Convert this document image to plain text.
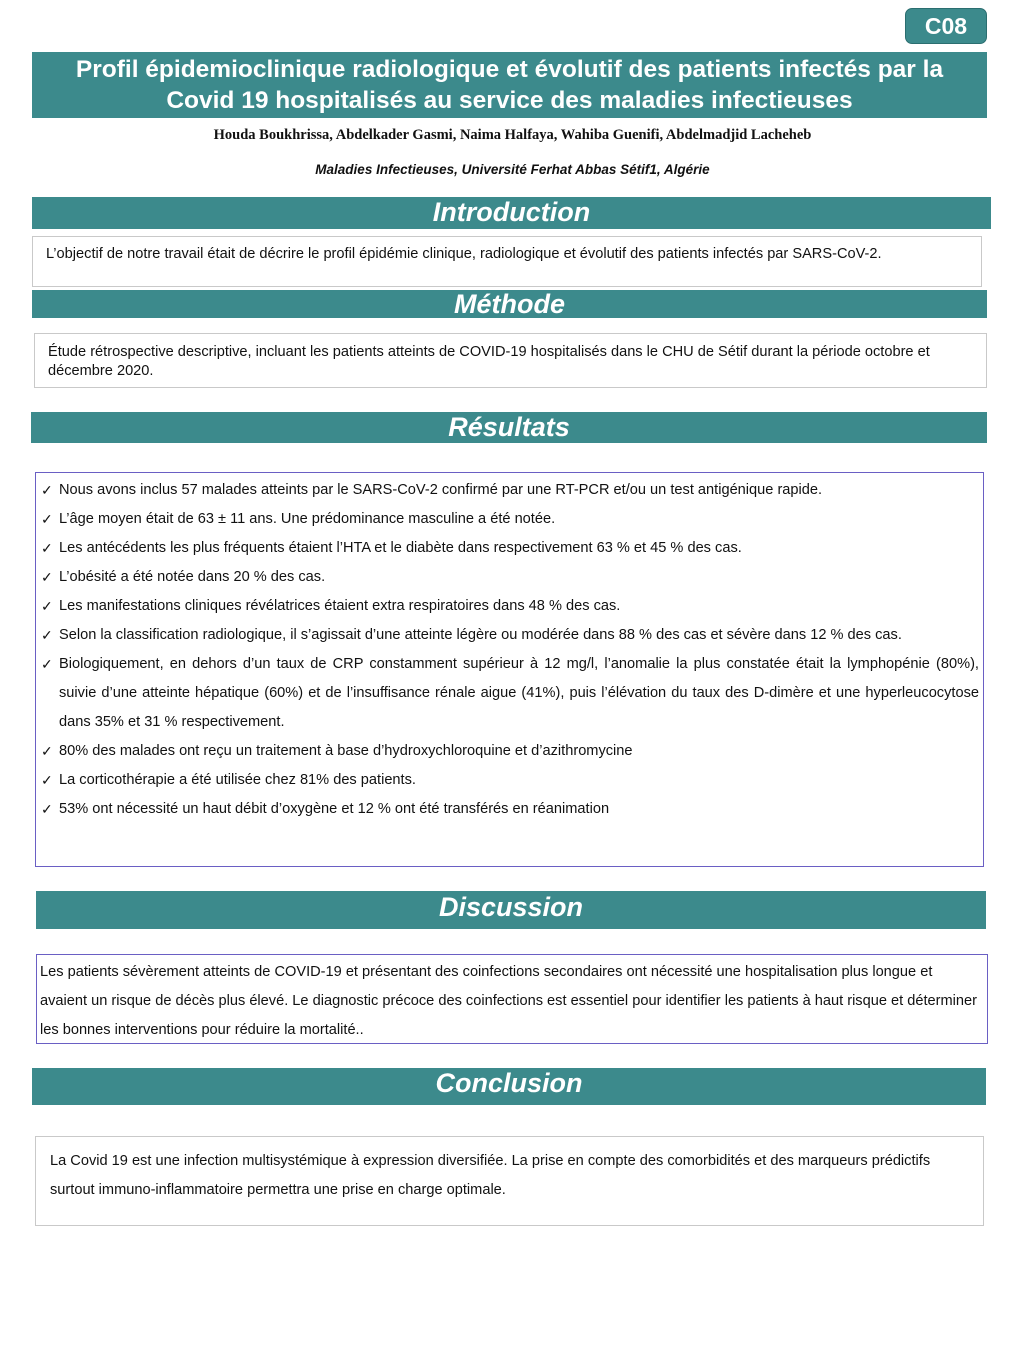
C08
Profil épidemioclinique radiologique et évolutif des patients infectés par la
Covid 19 hospitalisés au service des maladies infectieuses
Houda Boukhrissa, Abdelkader Gasmi, Naima Halfaya, Wahiba Guenifi, Abdelmadjid Lacheheb
Maladies Infectieuses, Université Ferhat Abbas Sétif1, Algérie
Introduction

L’objectif de notre travail était de décrire le profil épidémie clinique, radiologique et évolutif des patients infectés par SARS-CoV-2.

Méthode

Étude rétrospective descriptive, incluant les patients atteints de COVID-19 hospitalisés dans le CHU de Sétif durant la période octobre et décembre 2020.

Résultats
✓ Nous avons inclus 57 malades atteints par le SARS-CoV-2 confirmé par une RT-PCR et/ou un test antigénique rapide.
✓ L’âge moyen était de 63 ± 11 ans. Une prédominance masculine a été notée.
✓ Les antécédents les plus fréquents étaient l’HTA et le diabète dans respectivement 63 % et 45 % des cas.
✓ L’obésité a été notée dans 20 % des cas.
✓ Les manifestations cliniques révélatrices étaient extra respiratoires dans 48 % des cas.
✓ Selon la classification radiologique, il s’agissait d’une atteinte légère ou modérée dans 88 % des cas et sévère dans 12 % des cas.
✓ Biologiquement, en dehors d’un taux de CRP constamment supérieur à 12 mg/l, l’anomalie la plus constatée était la lymphopénie (80%), suivie d’une atteinte hépatique (60%) et de l’insuffisance rénale aigue (41%), puis l’élévation du taux des D-dimère et une hyperleucocytose dans 35% et 31 % respectivement.
✓ 80% des malades ont reçu un traitement à base d’hydroxychloroquine et d’azithromycine
✓ La corticothérapie a été utilisée chez 81% des patients.
✓ 53% ont nécessité un haut débit d’oxygène et 12 % ont été transférés en réanimation
Discussion

Les patients sévèrement atteints de COVID-19 et présentant des coinfections secondaires ont nécessité une hospitalisation plus longue et avaient un risque de décès plus élevé. Le diagnostic précoce des coinfections est essentiel pour identifier les patients à haut risque et déterminer les bonnes interventions pour réduire la mortalité..

Conclusion

La Covid 19 est une infection multisystémique à expression diversifiée. La prise en compte des comorbidités et des marqueurs prédictifs surtout immuno-inflammatoire permettra une prise en charge optimale.
